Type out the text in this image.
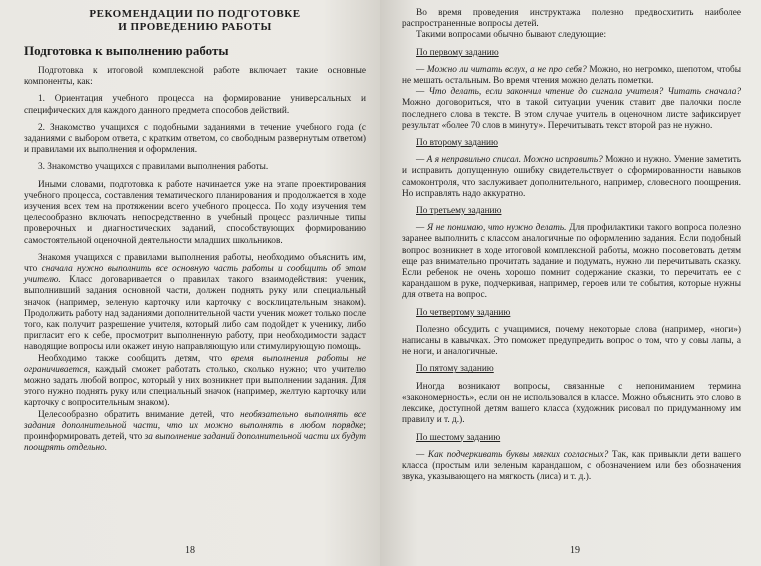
РЕКОМЕНДАЦИИ ПО ПОДГОТОВКЕ
И ПРОВЕДЕНИЮ РАБОТЫ
Подготовка к выполнению работы

Подготовка к итоговой комплексной работе включает такие основные компоненты, как:

1. Ориентация учебного процесса на формирование универсальных и специфических для каждого данного предмета способов действий.

2. Знакомство учащихся с подобными заданиями в течение учебного года (с заданиями с выбором ответа, с кратким ответом, со свободным развернутым ответом) и правилами их выполнения и оформления.

3. Знакомство учащихся с правилами выполнения работы.

Иными словами, подготовка к работе начинается уже на этапе проектирования учебного процесса, составления тематического планирования и продолжается в ходе изучения всех тем на протяжении всего учебного процесса. По ходу изучения тем целесообразно включать непосредственно в учебный процесс различные типы проверочных и диагностических заданий, способствующих формированию самостоятельной оценочной деятельности младших школьников.

Знакомя учащихся с правилами выполнения работы, необходимо объяснить им, что сначала нужно выполнить все основную часть работы и сообщить об этом учителю. Класс договаривается о правилах такого взаимодействия: ученик, выполнивший задания основной части, должен поднять руку или специальный значок (например, зеленую карточку или карточку с восклицательным знаком). Продолжить работу над заданиями дополнительной части ученик может только после того, как получит разрешение учителя, который либо сам подойдет к ученику, либо пригласит его к себе, просмотрит выполненную работу, при необходимости задаст наводящие вопросы или окажет иную направляющую или стимулирующую помощь.

Необходимо также сообщить детям, что время выполнения работы не ограничивается, каждый сможет работать столько, сколько нужно; что учителю можно задать любой вопрос, который у них возникнет при выполнении задания. Для этого нужно поднять руку или специальный значок (например, желтую карточку или карточку с вопросительным знаком).

Целесообразно обратить внимание детей, что необязательно выполнять все задания дополнительной части, что их можно выполнять в любом порядке; проинформировать детей, что за выполнение заданий дополнительной части их будут поощрять отдельно.

18

Во время проведения инструктажа полезно предвосхитить наиболее распространенные вопросы детей.

Такими вопросами обычно бывают следующие:

По первому заданию

— Можно ли читать вслух, а не про себя? Можно, но негромко, шепотом, чтобы не мешать остальным. Во время чтения можно делать пометки.

— Что делать, если закончил чтение до сигнала учителя? Читать сначала? Можно договориться, что в такой ситуации ученик ставит две палочки после последнего слова в тексте. В этом случае учитель в оценочном листе зафиксирует результат «более 70 слов в минуту». Перечитывать текст второй раз не нужно.

По второму заданию

— А я неправильно списал. Можно исправить? Можно и нужно. Умение заметить и исправить допущенную ошибку свидетельствует о сформированности навыков самоконтроля, что заслуживает дополнительного, например, словесного поощрения. Но исправлять надо аккуратно.

По третьему заданию

— Я не понимаю, что нужно делать. Для профилактики такого вопроса полезно заранее выполнить с классом аналогичные по оформлению задания. Если подобный вопрос возникнет в ходе итоговой комплексной работы, можно посоветовать детям еще раз внимательно прочитать задание и подумать, нужно ли перечитывать сказку. Если ребенок не очень хорошо помнит содержание сказки, то перечитать ее с карандашом в руке, подчеркивая, например, героев или те события, которые нужны для ответа на вопрос.

По четвертому заданию

Полезно обсудить с учащимися, почему некоторые слова (например, «ноги») написаны в кавычках. Это поможет предупредить вопрос о том, что у совы лапы, а не ноги, и аналогичные.

По пятому заданию

Иногда возникают вопросы, связанные с непониманием термина «закономерность», если он не использовался в классе. Можно объяснить это слово в лексике, доступной детям вашего класса (художник рисовал по придуманному им правилу и т. д.).

По шестому заданию

— Как подчеркивать буквы мягких согласных? Так, как привыкли дети вашего класса (простым или зеленым карандашом, с обозначением или без обозначения звука, указывающего на мягкость (лиса) и т. д.).

19
